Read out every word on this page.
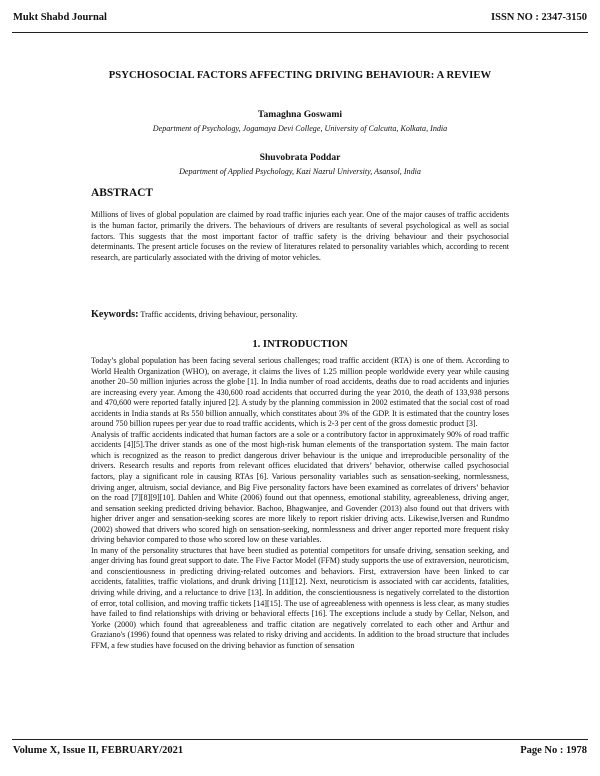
Mukt Shabd Journal	ISSN NO : 2347-3150
PSYCHOSOCIAL FACTORS AFFECTING DRIVING BEHAVIOUR: A REVIEW
Tamaghna Goswami
Department of Psychology, Jogamaya Devi College, University of Calcutta, Kolkata, India
Shuvobrata Poddar
Department of Applied Psychology, Kazi Nazrul University, Asansol, India
ABSTRACT

Millions of lives of global population are claimed by road traffic injuries each year. One of the major causes of traffic accidents is the human factor, primarily the drivers. The behaviours of drivers are resultants of several psychological as well as social factors. This suggests that the most important factor of traffic safety is the driving behaviour and their psychosocial determinants. The present article focuses on the review of literatures related to personality variables which, according to recent research, are particularly associated with the driving of motor vehicles.

Keywords: Traffic accidents, driving behaviour, personality.
1. INTRODUCTION

Today’s global population has been facing several serious challenges; road traffic accident (RTA) is one of them. According to World Health Organization (WHO), on average, it claims the lives of 1.25 million people worldwide every year while causing another 20–50 million injuries across the globe [1]. In India number of road accidents, deaths due to road accidents and injuries are increasing every year. Among the 430,600 road accidents that occurred during the year 2010, the death of 133,938 persons and 470,600 were reported fatally injured [2]. A study by the planning commission in 2002 estimated that the social cost of road accidents in India stands at Rs 550 billion annually, which constitates about 3% of the GDP. It is estimated that the country loses around 750 billion rupees per year due to road traffic accidents, which is 2-3 per cent of the gross domestic product [3].

Analysis of traffic accidents indicated that human factors are a sole or a contributory factor in approximately 90% of road traffic accidents [4][5].The driver stands as one of the most high-risk human elements of the transportation system. The main factor which is recognized as the reason to predict dangerous driver behaviour is the unique and irreproducible personality of the drivers. Research results and reports from relevant offices elucidated that drivers’ behavior, otherwise called psychosocial factors, play a significant role in causing RTAs [6]. Various personality variables such as sensation-seeking, normlessness, driving anger, altruism, social deviance, and Big Five personality factors have been examined as correlates of drivers’ behavior on the road [7][8][9][10]. Dahlen and White (2006) found out that openness, emotional stability, agreeableness, driving anger, and sensation seeking predicted driving behavior. Bachoo, Bhagwanjee, and Govender (2013) also found out that drivers with higher driver anger and sensation-seeking scores are more likely to report riskier driving acts. Likewise,Iversen and Rundmo (2002) showed that drivers who scored high on sensation-seeking, normlessness and driver anger reported more frequent risky driving behavior compared to those who scored low on these variables.

In many of the personality structures that have been studied as potential competitors for unsafe driving, sensation seeking, and anger driving has found great support to date. The Five Factor Model (FFM) study supports the use of extraversion, neuroticism, and conscientiousness in predicting driving-related outcomes and behaviors. First, extraversion have been linked to car accidents, fatalities, traffic violations, and drunk driving [11][12]. Next, neuroticism is associated with car accidents, fatalities, driving while driving, and a reluctance to drive [13]. In addition, the conscientiousness is negatively correlated to the distortion of error, total collision, and moving traffic tickets [14][15]. The use of agreeableness with openness is less clear, as many studies have failed to find relationships with driving or behavioral effects [16]. The exceptions include a study by Cellar, Nelson, and Yorke (2000) which found that agreeableness and traffic citation are negatively correlated to each other and Arthur and Graziano's (1996) found that openness was related to risky driving and accidents. In addition to the broad structure that includes FFM, a few studies have focused on the driving behavior as function of sensation

Volume X, Issue II, FEBRUARY/2021	Page No : 1978
